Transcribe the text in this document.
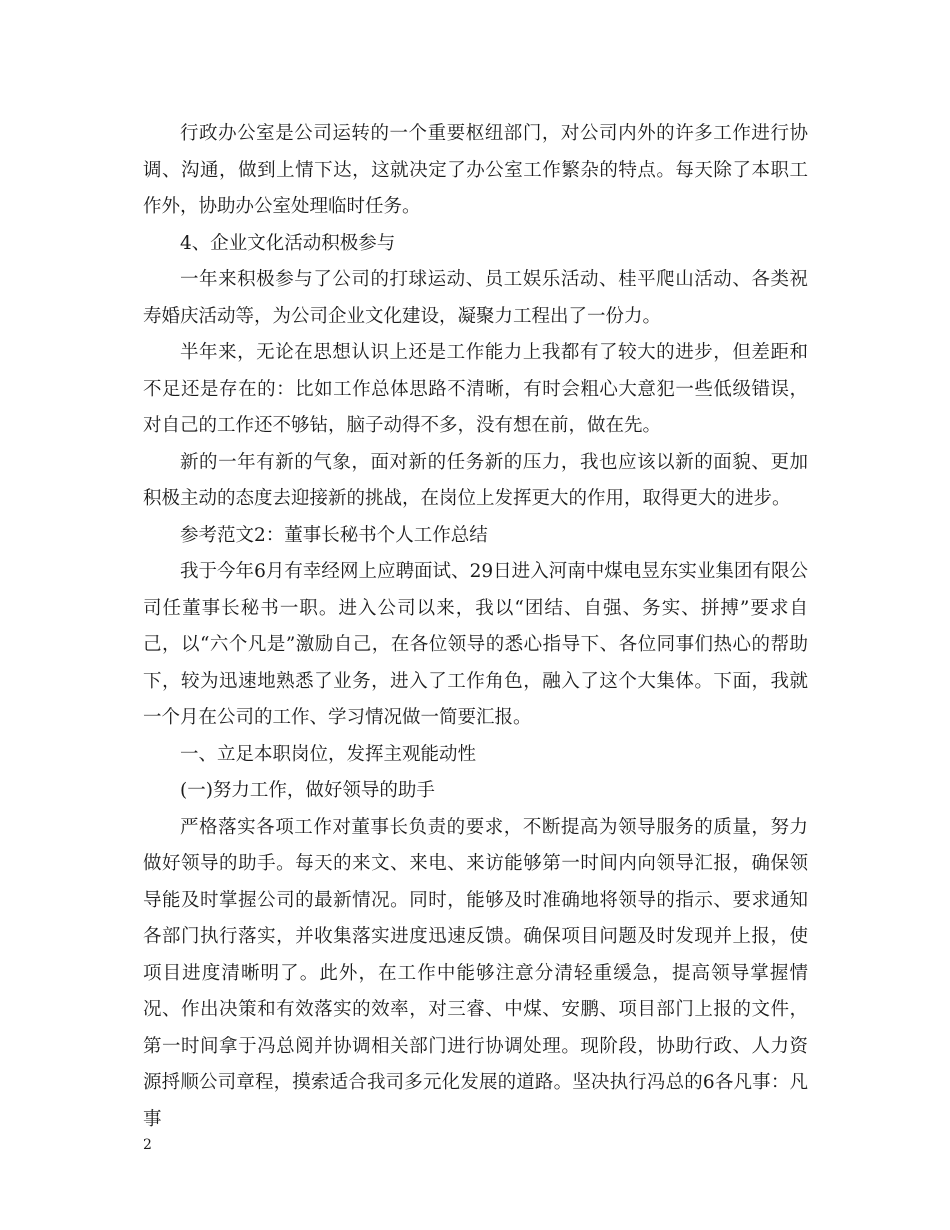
行政办公室是公司运转的一个重要枢纽部门，对公司内外的许多工作进行协调、沟通，做到上情下达，这就决定了办公室工作繁杂的特点。每天除了本职工作外，协助办公室处理临时任务。

4、企业文化活动积极参与

一年来积极参与了公司的打球运动、员工娱乐活动、桂平爬山活动、各类祝寿婚庆活动等，为公司企业文化建设，凝聚力工程出了一份力。

半年来，无论在思想认识上还是工作能力上我都有了较大的进步，但差距和不足还是存在的：比如工作总体思路不清晰，有时会粗心大意犯一些低级错误，对自己的工作还不够钻，脑子动得不多，没有想在前，做在先。

新的一年有新的气象，面对新的任务新的压力，我也应该以新的面貌、更加积极主动的态度去迎接新的挑战，在岗位上发挥更大的作用，取得更大的进步。

参考范文2：董事长秘书个人工作总结

我于今年6月有幸经网上应聘面试、29日进入河南中煤电昱东实业集团有限公司任董事长秘书一职。进入公司以来，我以“团结、自强、务实、拼搏”要求自己，以“六个凡是”激励自己，在各位领导的悉心指导下、各位同事们热心的帮助下，较为迅速地熟悉了业务，进入了工作角色，融入了这个大集体。下面，我就一个月在公司的工作、学习情况做一简要汇报。

一、立足本职岗位，发挥主观能动性

(一)努力工作，做好领导的助手

严格落实各项工作对董事长负责的要求，不断提高为领导服务的质量，努力做好领导的助手。每天的来文、来电、来访能够第一时间内向领导汇报，确保领导能及时掌握公司的最新情况。同时，能够及时准确地将领导的指示、要求通知各部门执行落实，并收集落实进度迅速反馈。确保项目问题及时发现并上报，使项目进度清晰明了。此外，在工作中能够注意分清轻重缓急，提高领导掌握情况、作出决策和有效落实的效率，对三睿、中煤、安鹏、项目部门上报的文件，第一时间拿于冯总阅并协调相关部门进行协调处理。现阶段，协助行政、人力资源捋顺公司章程，摸索适合我司多元化发展的道路。坚决执行冯总的6各凡事：凡事

2
